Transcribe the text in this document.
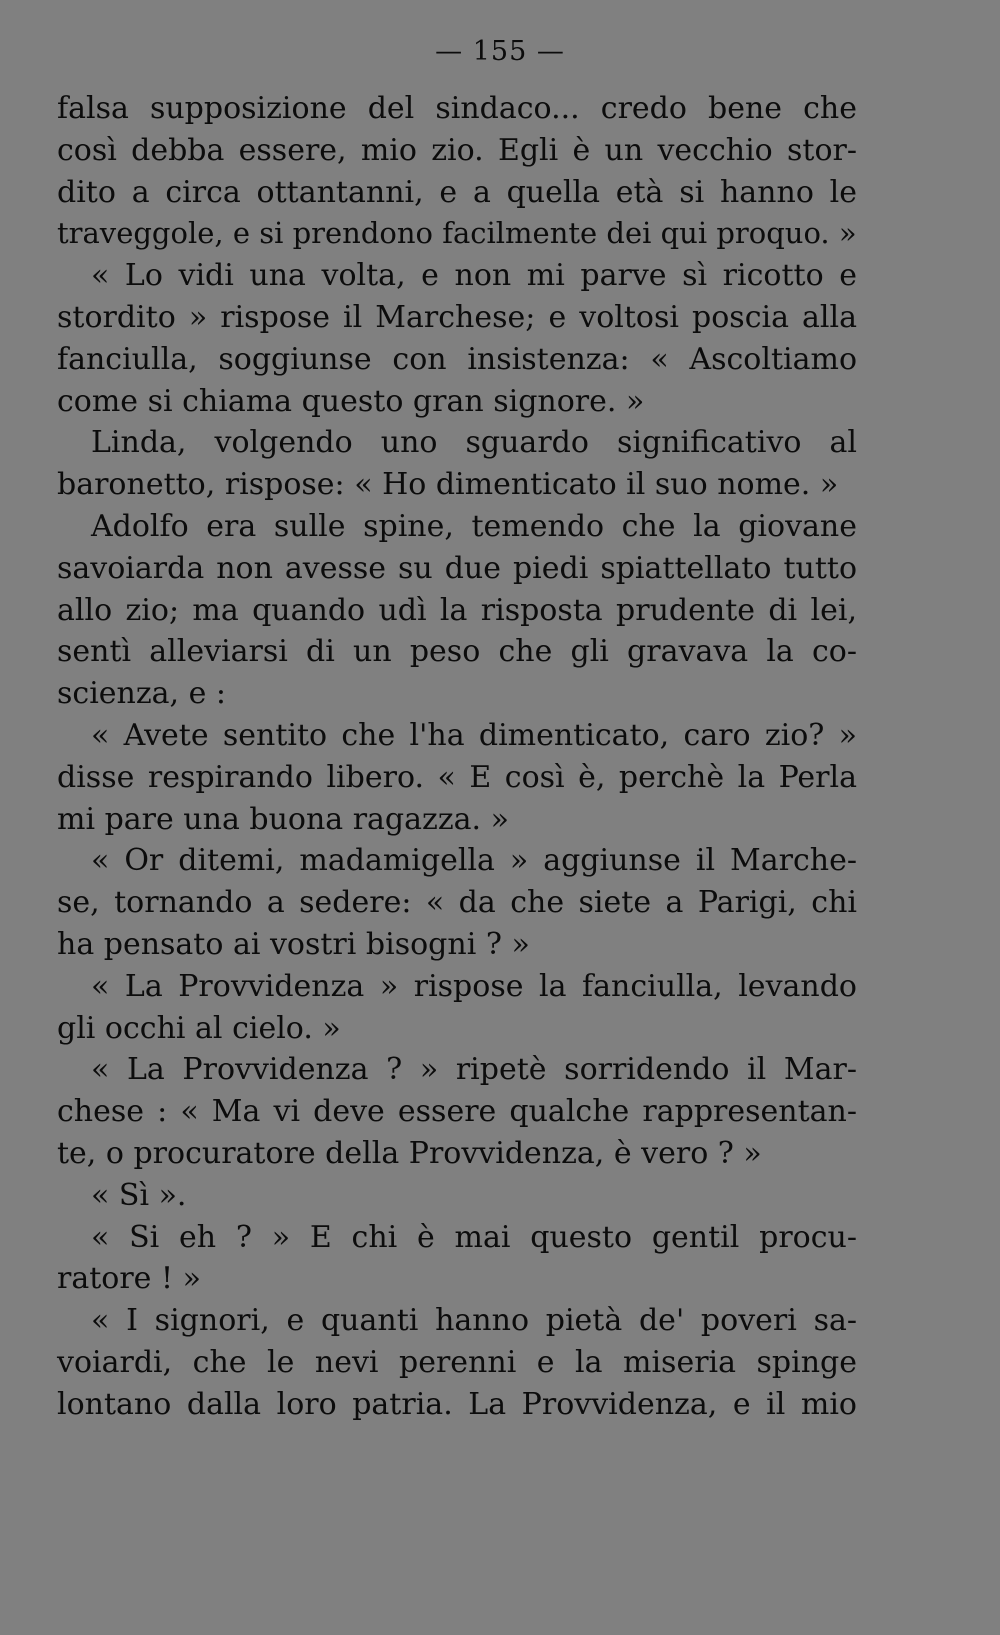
— 155 —
falsa supposizione del sindaco... credo bene che
così debba essere, mio zio. Egli è un vecchio stor-
dito a circa ottantanni, e a quella età si hanno le
traveggole, e si prendono facilmente dei qui proquo. »
« Lo vidi una volta, e non mi parve sì ricotto e
stordito » rispose il Marchese; e voltosi poscia alla
fanciulla, soggiunse con insistenza: « Ascoltiamo
come si chiama questo gran signore. »
Linda, volgendo uno sguardo significativo al
baronetto, rispose: « Ho dimenticato il suo nome. »
Adolfo era sulle spine, temendo che la giovane
savoiarda non avesse su due piedi spiattellato tutto
allo zio; ma quando udì la risposta prudente di lei,
sentì alleviarsi di un peso che gli gravava la co-
scienza, e :
« Avete sentito che l'ha dimenticato, caro zio? »
disse respirando libero. « E così è, perchè la Perla
mi pare una buona ragazza. »
« Or ditemi, madamigella » aggiunse il Marche-
se, tornando a sedere: « da che siete a Parigi, chi
ha pensato ai vostri bisogni ? »
« La Provvidenza » rispose la fanciulla, levando
gli occhi al cielo. »
« La Provvidenza ? » ripetè sorridendo il Mar-
chese : « Ma vi deve essere qualche rappresentan-
te, o procuratore della Provvidenza, è vero ? »
« Sì ».
« Si eh ? » E chi è mai questo gentil procu-
ratore ! »
« I signori, e quanti hanno pietà de' poveri sa-
voiardi, che le nevi perenni e la miseria spinge
lontano dalla loro patria. La Provvidenza, e il mio
